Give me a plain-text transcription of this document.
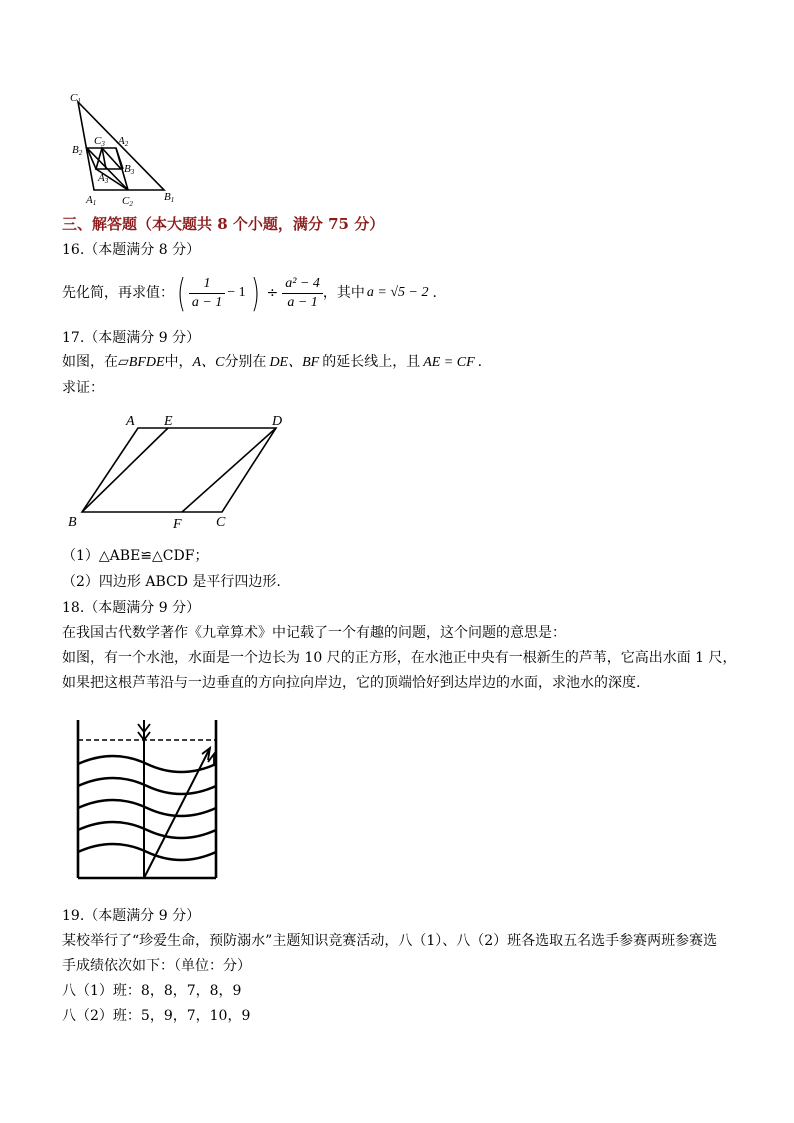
C1
B2
C3 A2
A3
B3
A1 C2
B1
三、解答题（本大题共 8 个小题，满分 75 分）
16.（本题满分 8 分）
先化简，再求值： ( $\frac{1}{a - 1} - 1$ ) ÷ $\frac{\text{a² − 4}}{a - 1}$ ，其中 a = √5 − 2 .
17.（本题满分 9 分）
如图，在▱BFDE中，A、C分别在 DE、BF 的延长线上，且 AE = CF .
求证：
A E	D
B	F C
（1）△ABE≌△CDF；
（2）四边形 ABCD 是平行四边形.
18.（本题满分 9 分）
在我国古代数学著作《九章算术》中记载了一个有趣的问题，这个问题的意思是：
如图，有一个水池，水面是一个边长为 10 尺的正方形，在水池正中央有一根新生的芦苇，它高出水面 1 尺，
如果把这根芦苇沿与一边垂直的方向拉向岸边，它的顶端恰好到达岸边的水面，求池水的深度.
19.（本题满分 9 分）
某校举行了“珍爱生命，预防溺水”主题知识竞赛活动，八（1）、八（2）班各选取五名选手参赛两班参赛选
手成绩依次如下：（单位：分）
八（1）班：8，8，7，8，9
八（2）班：5，9，7，10，9
